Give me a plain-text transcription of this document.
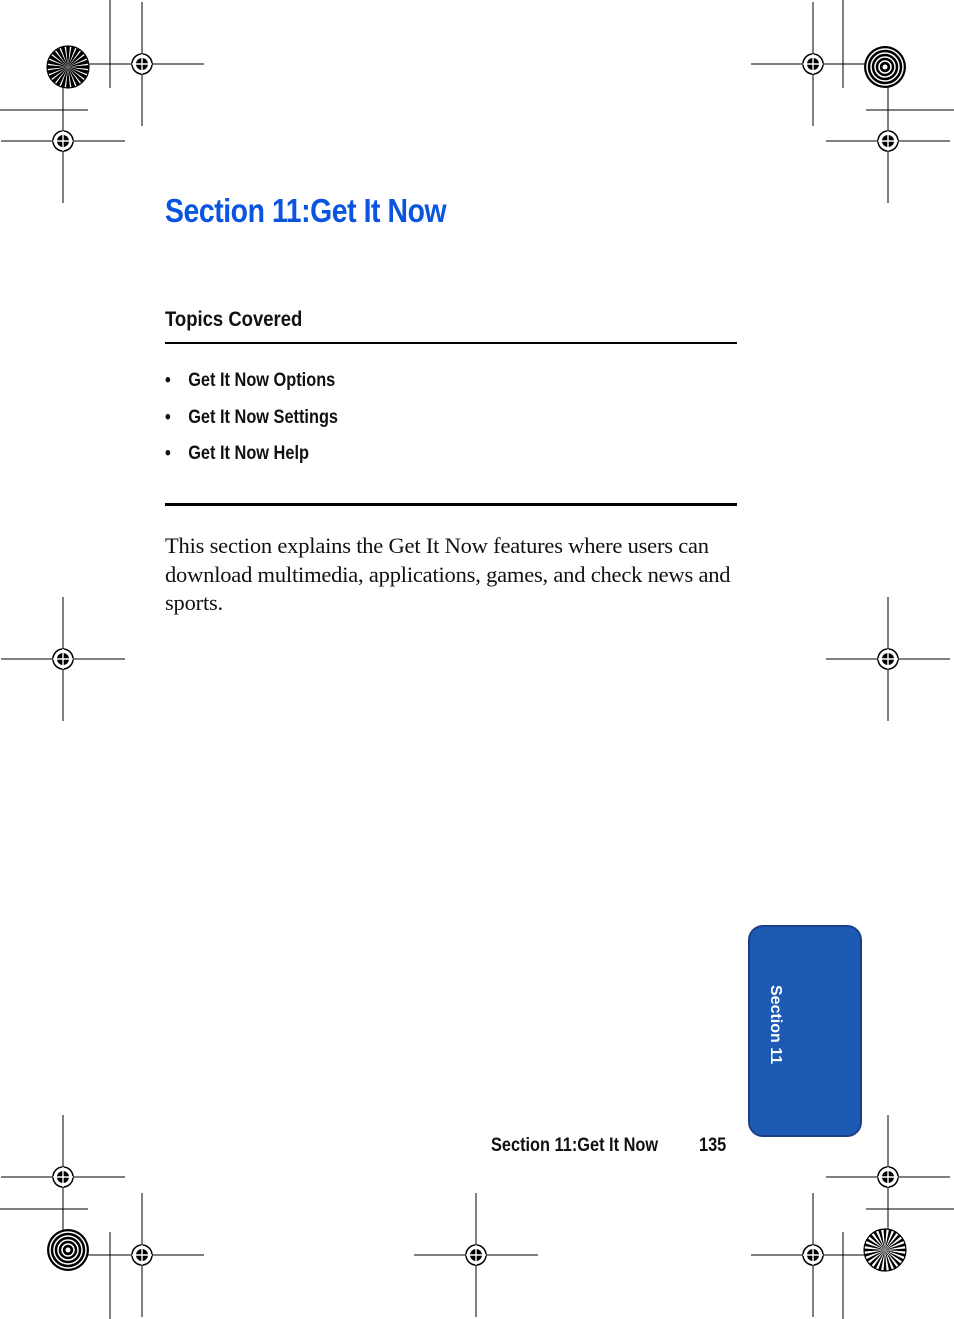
Section 11:Get It Now
Topics Covered
• Get It Now Options
• Get It Now Settings
• Get It Now Help

This section explains the Get It Now features where users can download multimedia, applications, games, and check news and sports.

Section 11

Section 11:Get It Now 135
